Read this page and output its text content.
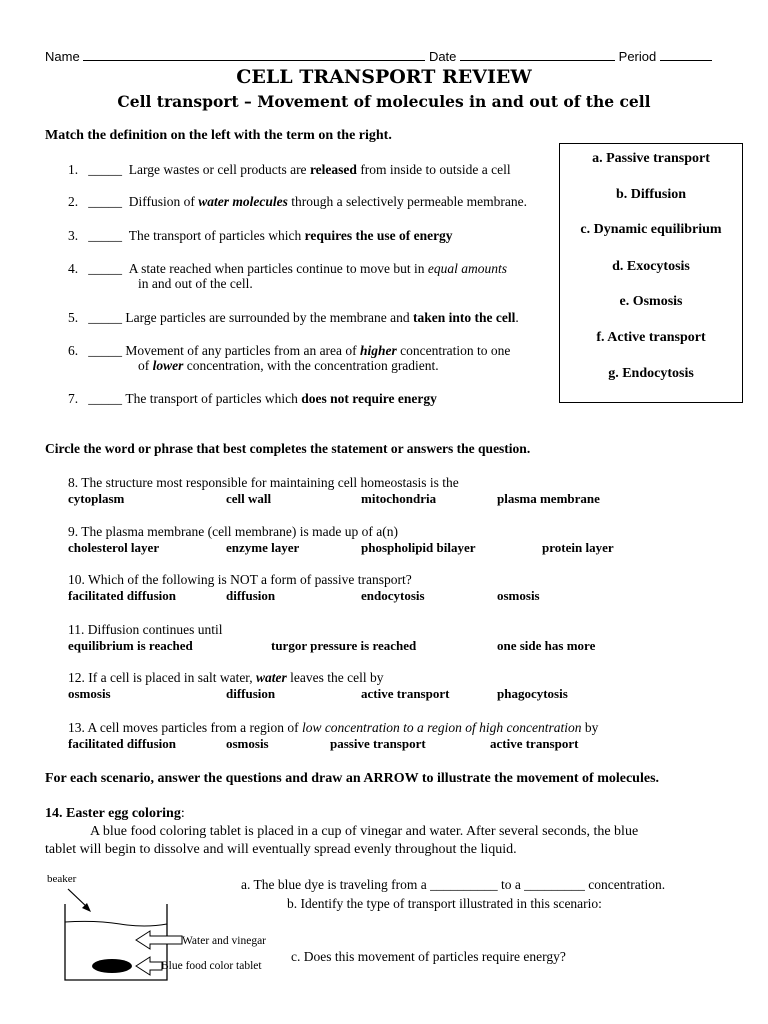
Name	Date	Period
CELL TRANSPORT REVIEW
Cell transport – Movement of molecules in and out of the cell
Match the definition on the left with the term on the right.
1. _____ Large wastes or cell products are released from inside to outside a cell
2. _____ Diffusion of water molecules through a selectively permeable membrane.
3. _____ The transport of particles which requires the use of energy
4. _____ A state reached when particles continue to move but in equal amounts
in and out of the cell.
5. _____ Large particles are surrounded by the membrane and taken into the cell.
6. _____ Movement of any particles from an area of higher concentration to one
of lower concentration, with the concentration gradient.
7. _____ The transport of particles which does not require energy
a. Passive transport
b. Diffusion
c. Dynamic equilibrium
d. Exocytosis
e. Osmosis
f. Active transport
g. Endocytosis
Circle the word or phrase that best completes the statement or answers the question.
8. The structure most responsible for maintaining cell homeostasis is the
cytoplasm	cell wall	mitochondria	plasma membrane
9. The plasma membrane (cell membrane) is made up of a(n)
cholesterol layer	enzyme layer	phospholipid bilayer	protein layer
10. Which of the following is NOT a form of passive transport?
facilitated diffusion	diffusion	endocytosis	osmosis
11. Diffusion continues until
equilibrium is reached	turgor pressure is reached	one side has more
12. If a cell is placed in salt water, water leaves the cell by
osmosis	diffusion	active transport	phagocytosis
13. A cell moves particles from a region of low concentration to a region of high concentration by
facilitated diffusion	osmosis	passive transport	active transport
For each scenario, answer the questions and draw an ARROW to illustrate the movement of molecules.
14. Easter egg coloring:
A blue food coloring tablet is placed in a cup of vinegar and water. After several seconds, the blue
tablet will begin to dissolve and will eventually spread evenly throughout the liquid.
a. The blue dye is traveling from a __________ to a _________ concentration.
b. Identify the type of transport illustrated in this scenario:
c. Does this movement of particles require energy?
beaker
Water and vinegar
Blue food color tablet
